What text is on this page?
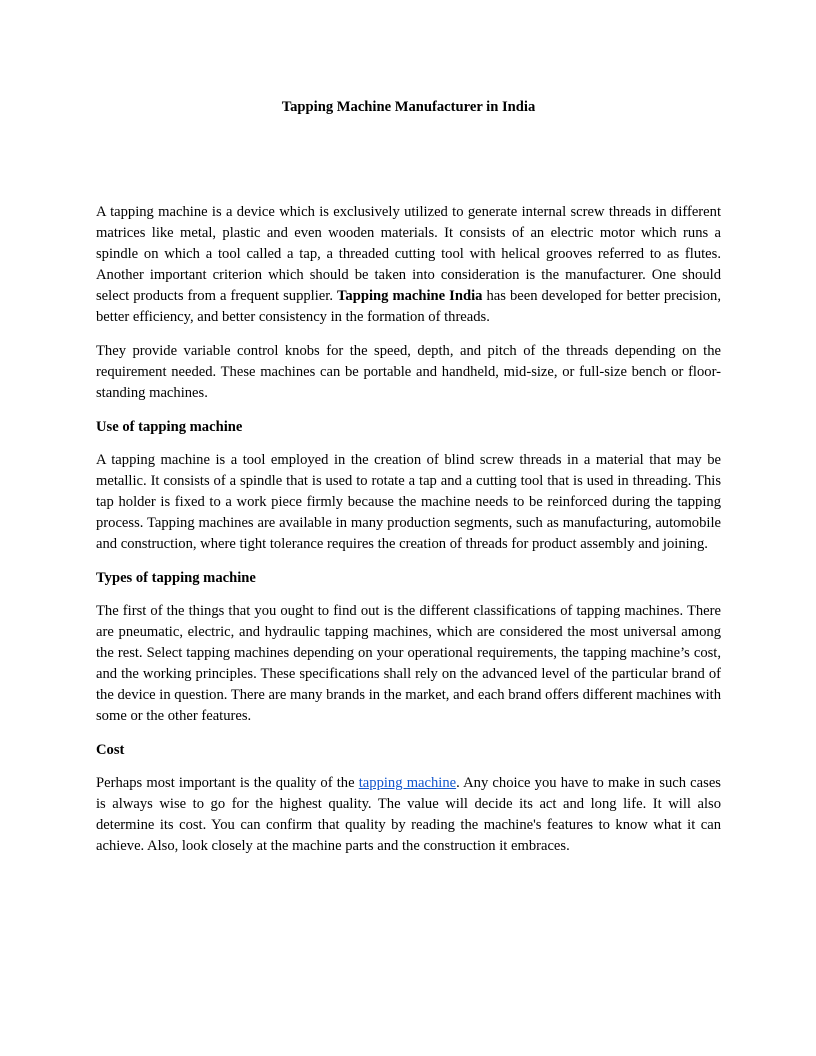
Tapping Machine Manufacturer in India

A tapping machine is a device which is exclusively utilized to generate internal screw threads in different matrices like metal, plastic and even wooden materials. It consists of an electric motor which runs a spindle on which a tool called a tap, a threaded cutting tool with helical grooves referred to as flutes. Another important criterion which should be taken into consideration is the manufacturer. One should select products from a frequent supplier. Tapping machine India has been developed for better precision, better efficiency, and better consistency in the formation of threads.

They provide variable control knobs for the speed, depth, and pitch of the threads depending on the requirement needed. These machines can be portable and handheld, mid-size, or full-size bench or floor-standing machines.

Use of tapping machine

A tapping machine is a tool employed in the creation of blind screw threads in a material that may be metallic. It consists of a spindle that is used to rotate a tap and a cutting tool that is used in threading. This tap holder is fixed to a work piece firmly because the machine needs to be reinforced during the tapping process. Tapping machines are available in many production segments, such as manufacturing, automobile and construction, where tight tolerance requires the creation of threads for product assembly and joining.

Types of tapping machine

The first of the things that you ought to find out is the different classifications of tapping machines. There are pneumatic, electric, and hydraulic tapping machines, which are considered the most universal among the rest. Select tapping machines depending on your operational requirements, the tapping machine’s cost, and the working principles. These specifications shall rely on the advanced level of the particular brand of the device in question. There are many brands in the market, and each brand offers different machines with some or the other features.

Cost

Perhaps most important is the quality of the tapping machine. Any choice you have to make in such cases is always wise to go for the highest quality. The value will decide its act and long life. It will also determine its cost. You can confirm that quality by reading the machine's features to know what it can achieve. Also, look closely at the machine parts and the construction it embraces.
